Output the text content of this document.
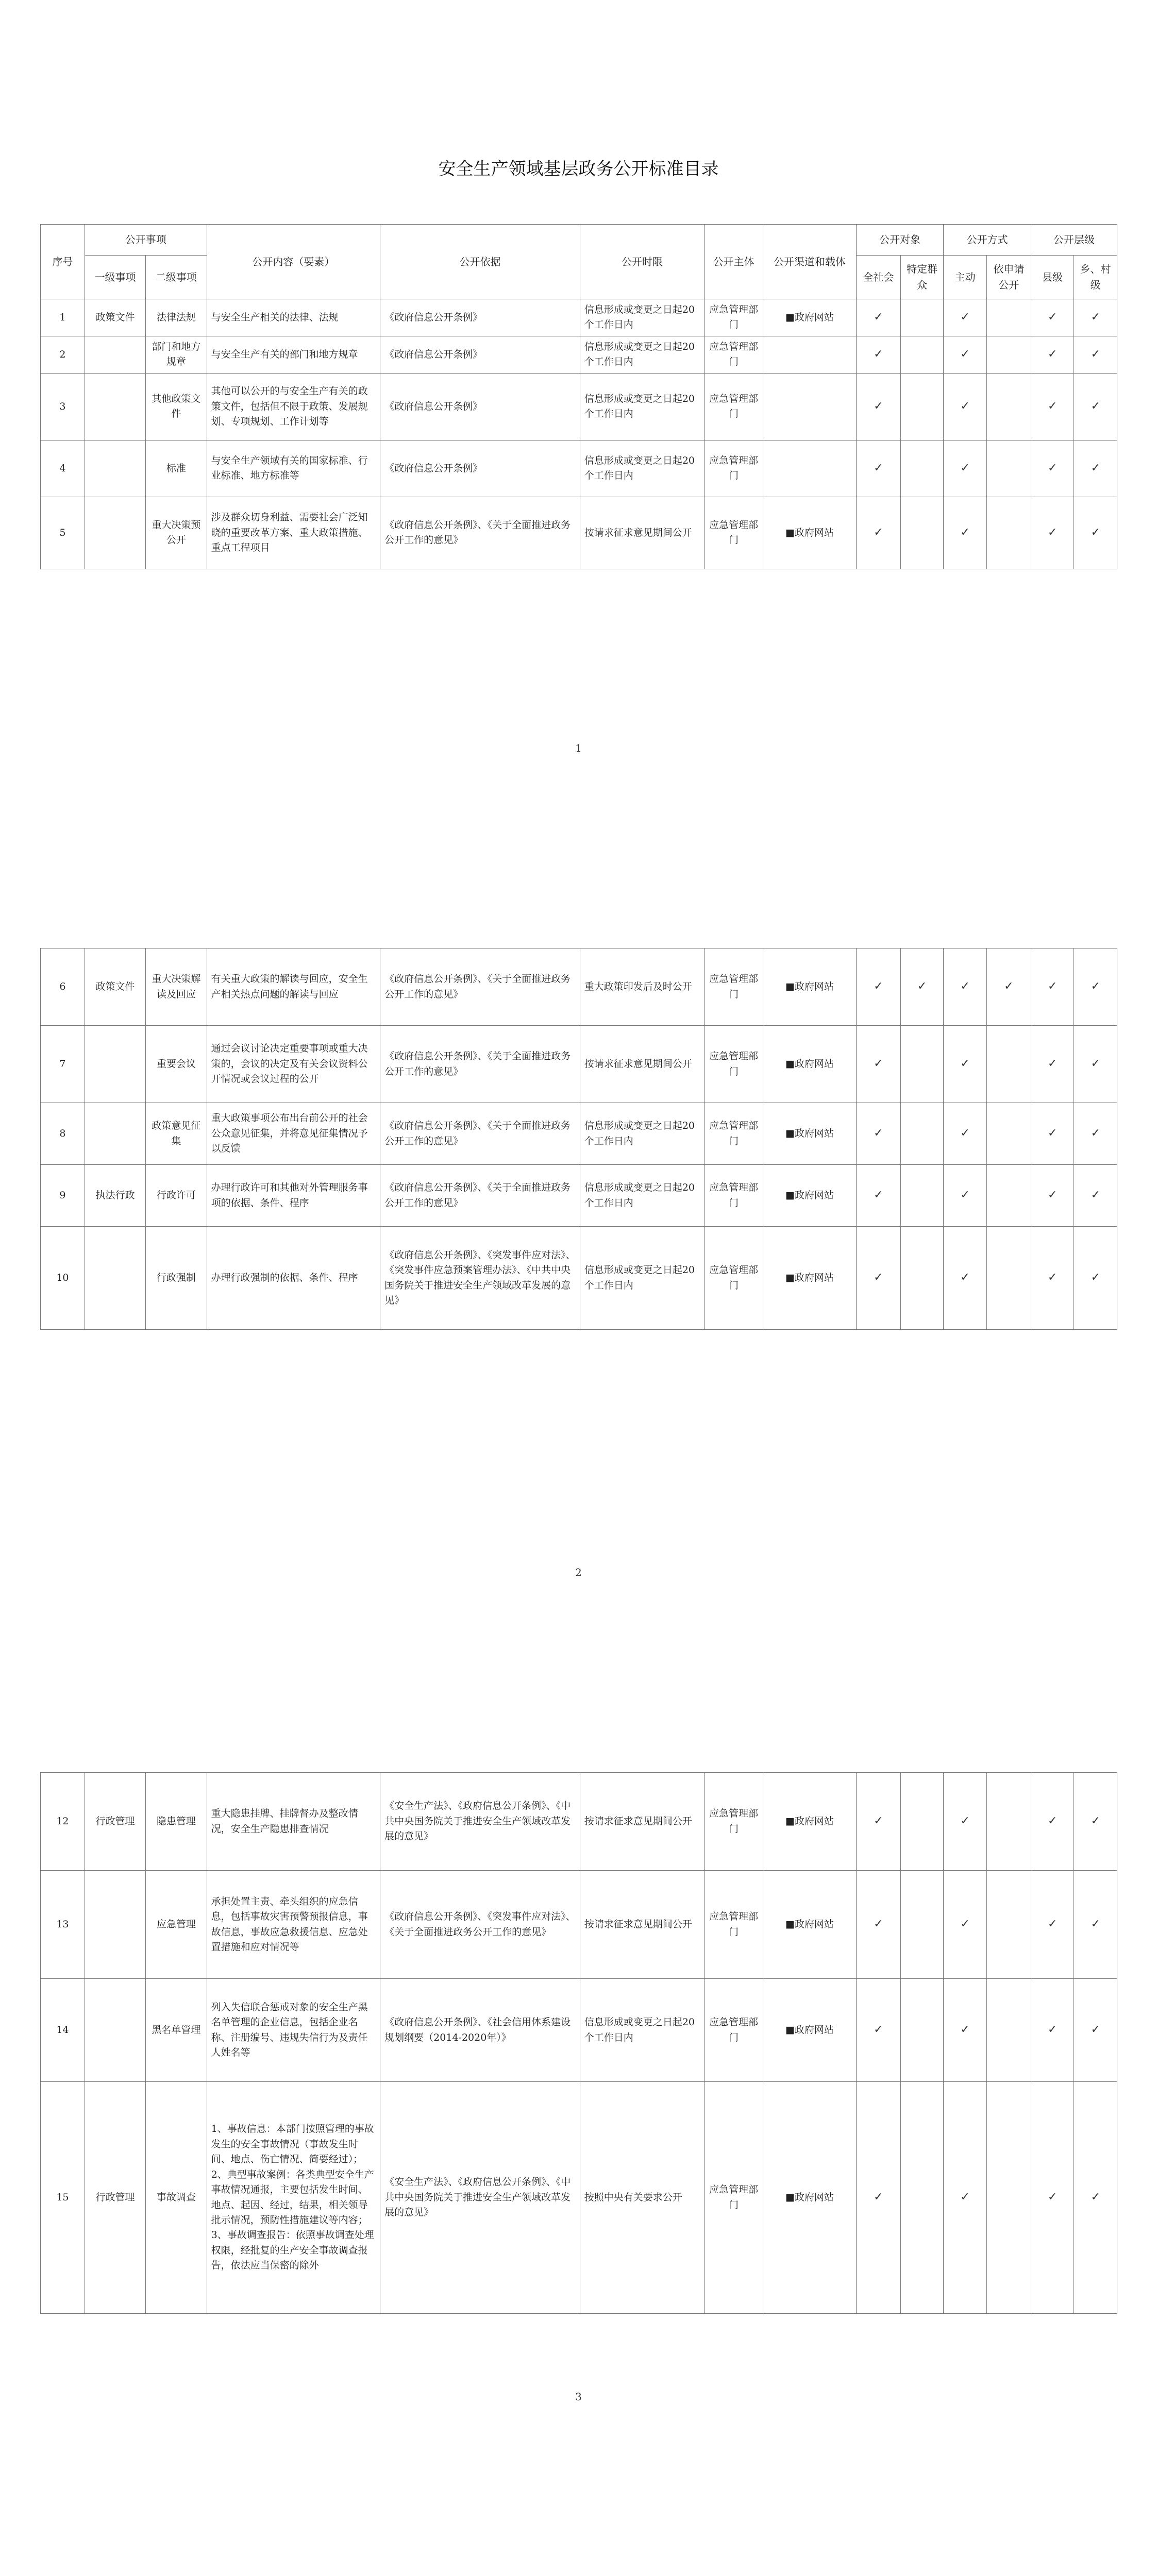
安全生产领域基层政务公开标准目录
序号	公开事项		公开内容（要素）	公开依据	公开时限	公开主体	公开渠道和载体	公开对象		公开方式		公开层级	
	一级事项	二级事项						全社会	特定群众	主动	依申请公开	县级	乡、村级
1	政策文件	法律法规	与安全生产相关的法律、法规	《政府信息公开条例》	信息形成或变更之日起20个工作日内	应急管理部门	■政府网站	✓		✓		✓	✓
2		部门和地方规章	与安全生产有关的部门和地方规章	《政府信息公开条例》	信息形成或变更之日起20个工作日内	应急管理部门		✓		✓		✓	✓
3		其他政策文件	其他可以公开的与安全生产有关的政策文件，包括但不限于政策、发展规划、专项规划、工作计划等	《政府信息公开条例》	信息形成或变更之日起20个工作日内	应急管理部门		✓		✓		✓	✓
4		标准	与安全生产领域有关的国家标准、行业标准、地方标准等	《政府信息公开条例》	信息形成或变更之日起20个工作日内	应急管理部门		✓		✓		✓	✓
5		重大决策预公开	涉及群众切身利益、需要社会广泛知晓的重要改革方案、重大政策措施、重点工程项目	《政府信息公开条例》、《关于全面推进政务公开工作的意见》	按请求征求意见期间公开	应急管理部门	■政府网站	✓		✓		✓	✓
1
6	政策文件	重大决策解读及回应	有关重大政策的解读与回应，安全生产相关热点问题的解读与回应	《政府信息公开条例》、《关于全面推进政务公开工作的意见》	重大政策印发后及时公开	应急管理部门	■政府网站	✓	✓	✓	✓	✓	✓
7		重要会议	通过会议讨论决定重要事项或重大决策的，会议的决定及有关会议资料公开情况或会议过程的公开	《政府信息公开条例》、《关于全面推进政务公开工作的意见》	按请求征求意见期间公开	应急管理部门	■政府网站	✓		✓		✓	✓
8		政策意见征集	重大政策事项公布出台前公开的社会公众意见征集，并将意见征集情况予以反馈	《政府信息公开条例》、《关于全面推进政务公开工作的意见》	信息形成或变更之日起20个工作日内	应急管理部门	■政府网站	✓		✓		✓	✓
9	执法行政	行政许可	办理行政许可和其他对外管理服务事项的依据、条件、程序	《政府信息公开条例》、《关于全面推进政务公开工作的意见》	信息形成或变更之日起20个工作日内	应急管理部门	■政府网站	✓		✓		✓	✓
10		行政强制	办理行政强制的依据、条件、程序	《政府信息公开条例》、《突发事件应对法》、《突发事件应急预案管理办法》、《中共中央国务院关于推进安全生产领域改革发展的意见》	信息形成或变更之日起20个工作日内	应急管理部门	■政府网站	✓		✓		✓	✓
2
12	行政管理	隐患管理	重大隐患挂牌、挂牌督办及整改情况，安全生产隐患排查情况	《安全生产法》、《政府信息公开条例》、《中共中央国务院关于推进安全生产领域改革发展的意见》	按请求征求意见期间公开	应急管理部门	■政府网站	✓		✓		✓	✓
13		应急管理	承担处置主责、牵头组织的应急信息，包括事故灾害预警预报信息，事故信息，事故应急救援信息、应急处置措施和应对情况等	《政府信息公开条例》、《突发事件应对法》、《关于全面推进政务公开工作的意见》	按请求征求意见期间公开	应急管理部门	■政府网站	✓		✓		✓	✓
14		黑名单管理	列入失信联合惩戒对象的安全生产黑名单管理的企业信息，包括企业名称、注册编号、违规失信行为及责任人姓名等	《政府信息公开条例》、《社会信用体系建设规划纲要（2014-2020年）》	信息形成或变更之日起20个工作日内	应急管理部门	■政府网站	✓		✓		✓	✓
15	行政管理	事故调查	1、事故信息：本部门按照管理的事故发生的安全事故情况（事故发生时间、地点、伤亡情况、简要经过）；2、典型事故案例：各类典型安全生产事故情况通报，主要包括发生时间、地点、起因、经过，结果，相关领导批示情况，预防性措施建议等内容；3、事故调查报告：依照事故调查处理权限，经批复的生产安全事故调查报告，依法应当保密的除外	《安全生产法》、《政府信息公开条例》、《中共中央国务院关于推进安全生产领域改革发展的意见》	按照中央有关要求公开	应急管理部门	■政府网站	✓		✓		✓	✓
3
